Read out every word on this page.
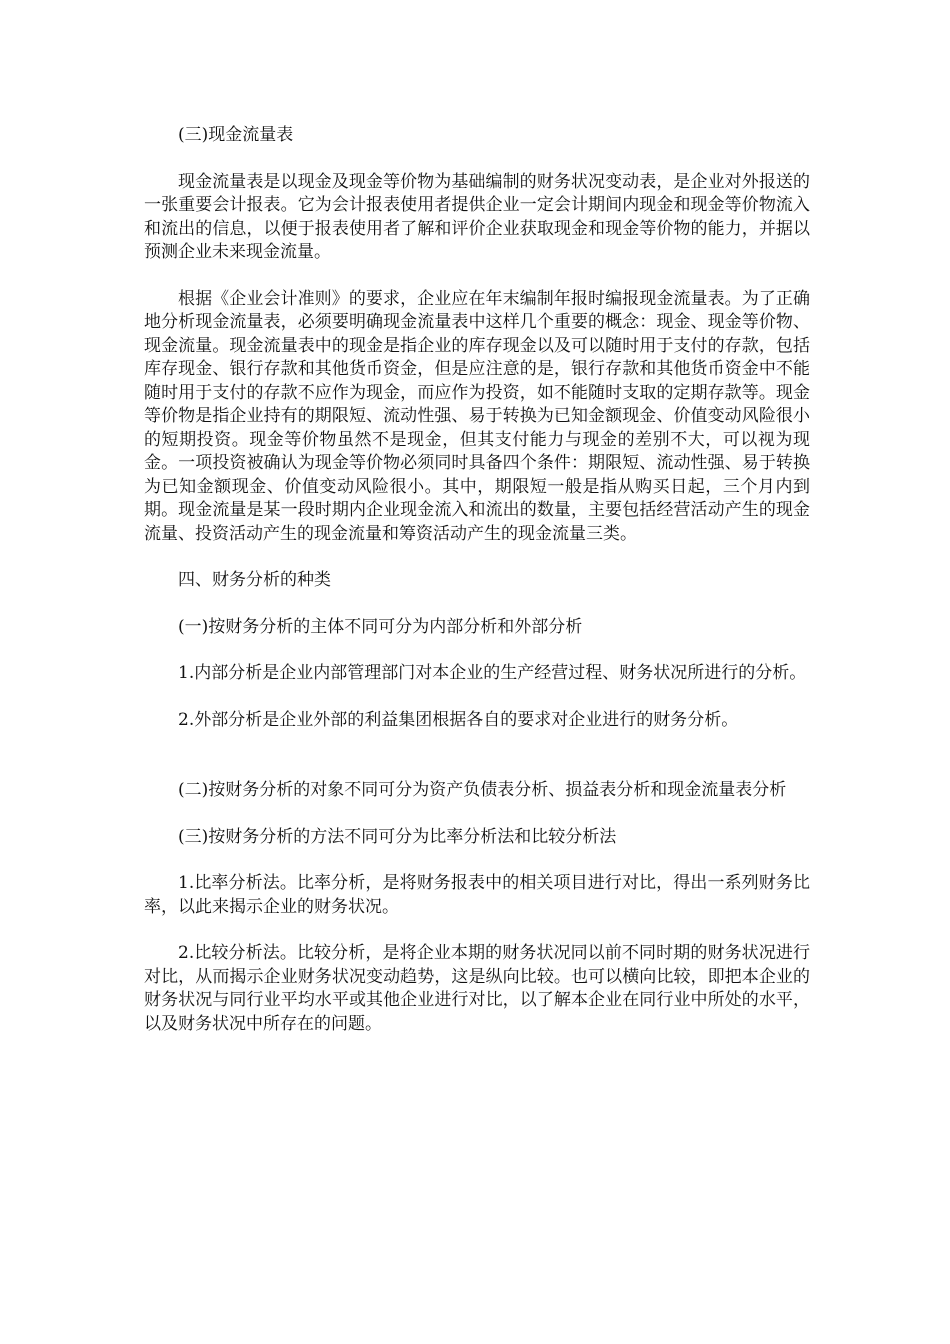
(三)现金流量表

现金流量表是以现金及现金等价物为基础编制的财务状况变动表，是企业对外报送的一张重要会计报表。它为会计报表使用者提供企业一定会计期间内现金和现金等价物流入和流出的信息，以便于报表使用者了解和评价企业获取现金和现金等价物的能力，并据以预测企业未来现金流量。

根据《企业会计准则》的要求，企业应在年末编制年报时编报现金流量表。为了正确地分析现金流量表，必须要明确现金流量表中这样几个重要的概念：现金、现金等价物、现金流量。现金流量表中的现金是指企业的库存现金以及可以随时用于支付的存款，包括库存现金、银行存款和其他货币资金，但是应注意的是，银行存款和其他货币资金中不能随时用于支付的存款不应作为现金，而应作为投资，如不能随时支取的定期存款等。现金等价物是指企业持有的期限短、流动性强、易于转换为已知金额现金、价值变动风险很小的短期投资。现金等价物虽然不是现金，但其支付能力与现金的差别不大，可以视为现金。一项投资被确认为现金等价物必须同时具备四个条件：期限短、流动性强、易于转换为已知金额现金、价值变动风险很小。其中，期限短一般是指从购买日起，三个月内到期。现金流量是某一段时期内企业现金流入和流出的数量，主要包括经营活动产生的现金流量、投资活动产生的现金流量和筹资活动产生的现金流量三类。

四、财务分析的种类

(一)按财务分析的主体不同可分为内部分析和外部分析

1.内部分析是企业内部管理部门对本企业的生产经营过程、财务状况所进行的分析。

2.外部分析是企业外部的利益集团根据各自的要求对企业进行的财务分析。

(二)按财务分析的对象不同可分为资产负债表分析、损益表分析和现金流量表分析

(三)按财务分析的方法不同可分为比率分析法和比较分析法

1.比率分析法。比率分析，是将财务报表中的相关项目进行对比，得出一系列财务比率，以此来揭示企业的财务状况。

2.比较分析法。比较分析，是将企业本期的财务状况同以前不同时期的财务状况进行对比，从而揭示企业财务状况变动趋势，这是纵向比较。也可以横向比较，即把本企业的财务状况与同行业平均水平或其他企业进行对比，以了解本企业在同行业中所处的水平，以及财务状况中所存在的问题。
